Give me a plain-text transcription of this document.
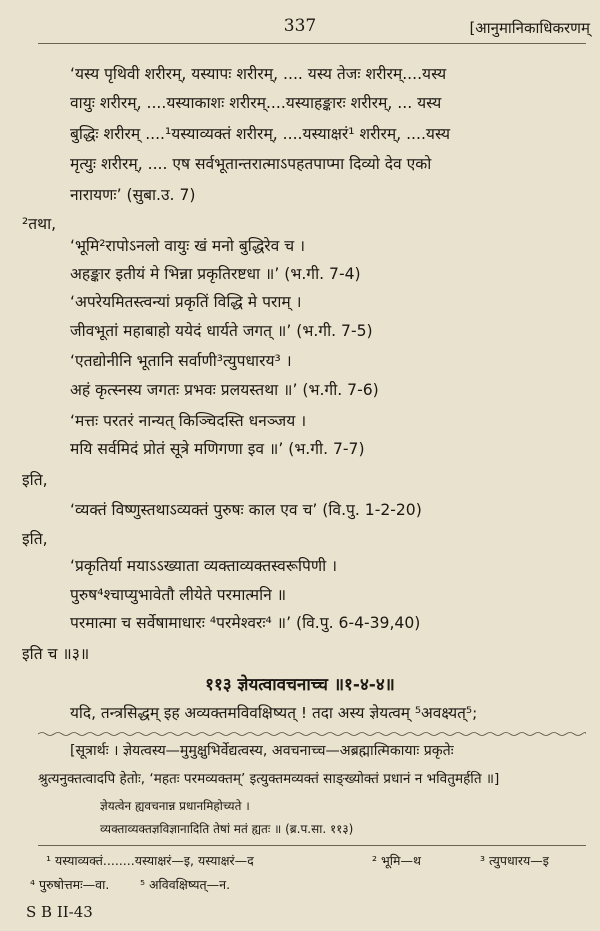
337	[आनुमानिकाधिकरणम्
‘यस्य पृथिवी शरीरम्, यस्यापः शरीरम्, .... यस्य तेजः शरीरम्....यस्य
वायुः शरीरम्, ....यस्याकाशः शरीरम्....यस्याहङ्कारः शरीरम्, ... यस्य
बुद्धिः शरीरम् ....¹यस्याव्यक्तं शरीरम्, ....यस्याक्षरं¹ शरीरम्, ....यस्य
मृत्युः शरीरम्, .... एष सर्वभूतान्तरात्माऽपहतपाप्मा दिव्यो देव एको
नारायणः’ (सुबा.उ. 7)
²तथा,
‘भूमि²रापोऽनलो वायुः खं मनो बुद्धिरेव च ।
अहङ्कार इतीयं मे भिन्ना प्रकृतिरष्टधा ॥’ (भ.गी. 7-4)
‘अपरेयमितस्त्वन्यां प्रकृतिं विद्धि मे पराम् ।
जीवभूतां महाबाहो ययेदं धार्यते जगत् ॥’ (भ.गी. 7-5)
‘एतद्योनीनि भूतानि सर्वाणी³त्युपधारय³ ।
अहं कृत्स्नस्य जगतः प्रभवः प्रलयस्तथा ॥’ (भ.गी. 7-6)
‘मत्तः परतरं नान्यत् किञ्चिदस्ति धनञ्जय ।
मयि सर्वमिदं प्रोतं सूत्रे मणिगणा इव ॥’ (भ.गी. 7-7)
इति,
‘व्यक्तं विष्णुस्तथाऽव्यक्तं पुरुषः काल एव च’ (वि.पु. 1-2-20)
इति,
‘प्रकृतिर्या मयाऽऽख्याता व्यक्ताव्यक्तस्वरूपिणी ।
पुरुष⁴श्चाप्युभावेतौ लीयेते परमात्मनि ॥
परमात्मा च सर्वेषामाधारः ⁴परमेश्वरः⁴ ॥’ (वि.पु. 6-4-39,40)
इति च ॥३॥
११३ ज्ञेयत्वावचनाच्च ॥१-४-४॥
यदि, तन्त्रसिद्धम् इह अव्यक्तमविवक्षिष्यत् ! तदा अस्य ज्ञेयत्वम् ⁵अवक्ष्यत्⁵;
[सूत्रार्थः । ज्ञेयत्वस्य—मुमुक्षुभिर्वेद्यत्वस्य, अवचनाच्च—अब्रह्मात्मिकायाः प्रकृतेः
श्रुत्यनुक्तत्वादपि हेतोः, ‘महतः परमव्यक्तम्’ इत्युक्तमव्यक्तं साङ्ख्योक्तं प्रधानं न भवितुमर्हति ॥]
ज्ञेयत्वेन ह्यवचनान्न प्रधानमिहोच्यते ।
व्यक्ताव्यक्तज्ञविज्ञानादिति तेषां मतं ह्यतः ॥ (ब्र.प.सा. ११३)
¹ यस्याव्यक्तं........यस्याक्षरं—इ, यस्याक्षरं—द	² भूमि—थ	³ त्युपधारय—इ
⁴ पुरुषोत्तमः—वा. ⁵ अविवक्षिष्यत्—न.
S B II-43
